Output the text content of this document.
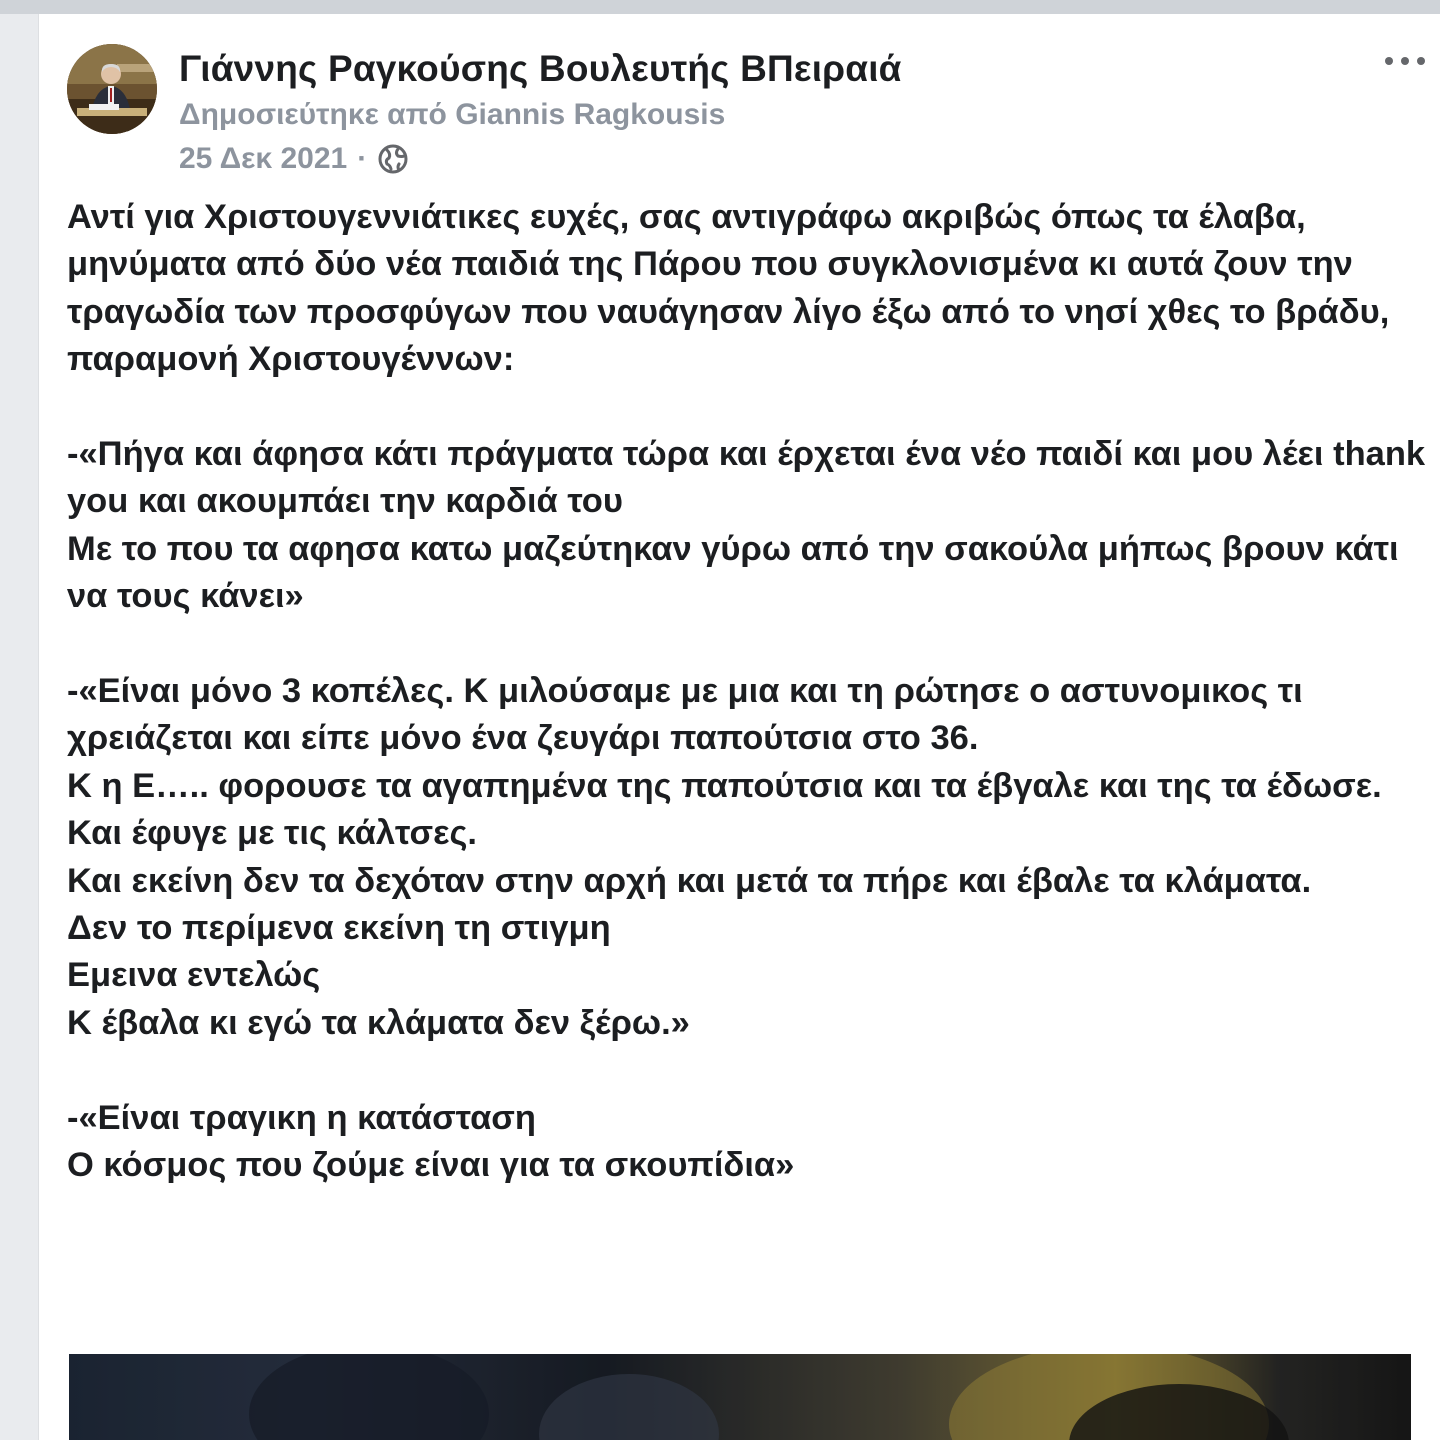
Γιάννης Ραγκούσης Βουλευτής ΒΠειραιά
Δημοσιεύτηκε από Giannis Ragkousis
25 Δεκ 2021 ·

Αντί για Χριστουγεννιάτικες ευχές, σας αντιγράφω ακριβώς όπως τα έλαβα, μηνύματα από δύο νέα παιδιά της Πάρου που συγκλονισμένα κι αυτά ζουν την τραγωδία των προσφύγων που ναυάγησαν λίγο έξω από το νησί χθες το βράδυ, παραμονή Χριστουγέννων:

-«Πήγα και άφησα κάτι πράγματα τώρα και έρχεται ένα νέο παιδί και μου λέει thank you και ακουμπάει την καρδιά του

Με το που τα αφησα κατω μαζεύτηκαν γύρω από την σακούλα μήπως βρουν κάτι να τους κάνει»

-«Είναι μόνο 3 κοπέλες. Κ μιλούσαμε με μια και τη ρώτησε ο αστυνομικος τι χρειάζεται και είπε μόνο ένα ζευγάρι παπούτσια στο 36.

Κ η Ε….. φορουσε τα αγαπημένα της παπούτσια και τα έβγαλε και της τα έδωσε.

Και έφυγε με τις κάλτσες.

Και εκείνη δεν τα δεχόταν στην αρχή και μετά τα πήρε και έβαλε τα κλάματα.

Δεν το περίμενα εκείνη τη στιγμη

Εμεινα εντελώς

Κ έβαλα κι εγώ τα κλάματα δεν ξέρω.»

-«Είναι τραγικη η κατάσταση

Ο κόσμος που ζούμε είναι για τα σκουπίδια»
